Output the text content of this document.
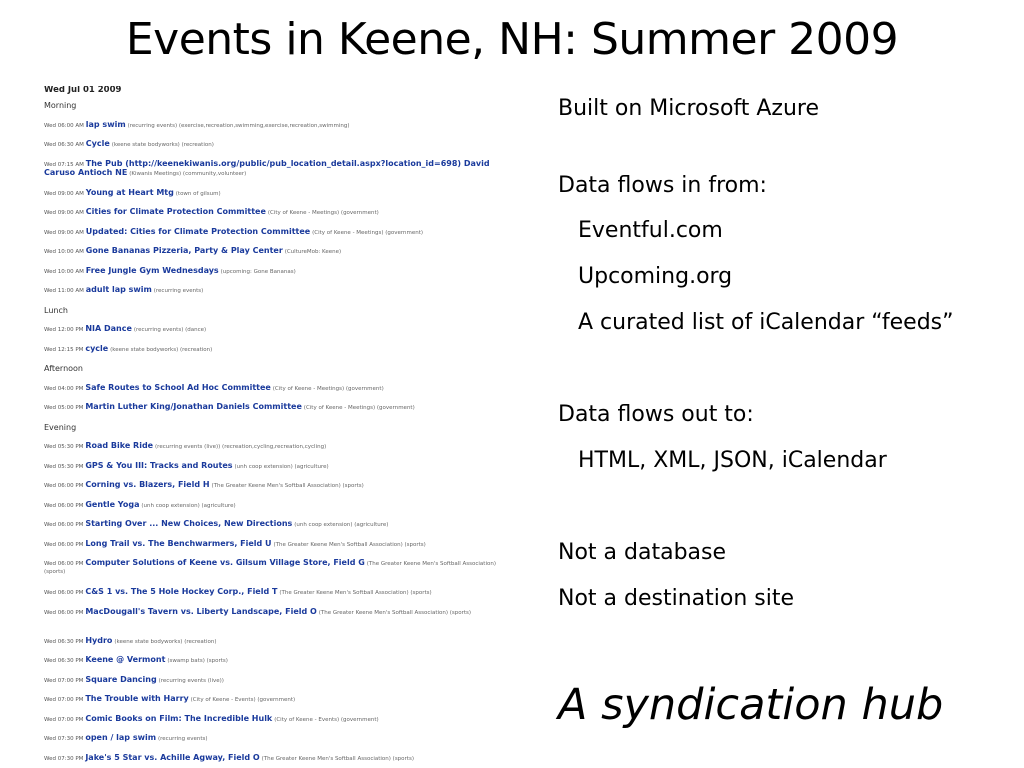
Events in Keene, NH: Summer 2009
Wed Jul 01 2009
Morning
Wed 06:00 AM lap swim (recurring events) (exercise,recreation,swimming,exercise,recreation,swimming)
Wed 06:30 AM Cycle (keene state bodyworks) (recreation)
Wed 07:15 AM The Pub (http://keenekiwanis.org/public/pub_location_detail.aspx?location_id=698) David Caruso Antioch NE (Kiwanis Meetings) (community,volunteer)
Wed 09:00 AM Young at Heart Mtg (town of gilsum)
Wed 09:00 AM Cities for Climate Protection Committee (City of Keene - Meetings) (government)
Wed 09:00 AM Updated: Cities for Climate Protection Committee (City of Keene - Meetings) (government)
Wed 10:00 AM Gone Bananas Pizzeria, Party & Play Center (CultureMob: Keene)
Wed 10:00 AM Free Jungle Gym Wednesdays (upcoming: Gone Bananas)
Wed 11:00 AM adult lap swim (recurring events)
Lunch
Wed 12:00 PM NIA Dance (recurring events) (dance)
Wed 12:15 PM cycle (keene state bodyworks) (recreation)
Afternoon
Wed 04:00 PM Safe Routes to School Ad Hoc Committee (City of Keene - Meetings) (government)
Wed 05:00 PM Martin Luther King/Jonathan Daniels Committee (City of Keene - Meetings) (government)
Evening
Wed 05:30 PM Road Bike Ride (recurring events (live)) (recreation,cycling,recreation,cycling)
Wed 05:30 PM GPS & You III: Tracks and Routes (unh coop extension) (agriculture)
Wed 06:00 PM Corning vs. Blazers, Field H (The Greater Keene Men's Softball Association) (sports)
Wed 06:00 PM Gentle Yoga (unh coop extension) (agriculture)
Wed 06:00 PM Starting Over ... New Choices, New Directions (unh coop extension) (agriculture)
Wed 06:00 PM Long Trail vs. The Benchwarmers, Field U (The Greater Keene Men's Softball Association) (sports)
Wed 06:00 PM Computer Solutions of Keene vs. Gilsum Village Store, Field G (The Greater Keene Men's Softball Association) (sports)
Wed 06:00 PM C&S 1 vs. The 5 Hole Hockey Corp., Field T (The Greater Keene Men's Softball Association) (sports)
Wed 06:00 PM MacDougall's Tavern vs. Liberty Landscape, Field O (The Greater Keene Men's Softball Association) (sports)
Wed 06:30 PM Hydro (keene state bodyworks) (recreation)
Wed 06:30 PM Keene @ Vermont (swamp bats) (sports)
Wed 07:00 PM Square Dancing (recurring events (live))
Wed 07:00 PM The Trouble with Harry (City of Keene - Events) (government)
Wed 07:00 PM Comic Books on Film: The Incredible Hulk (City of Keene - Events) (government)
Wed 07:30 PM open / lap swim (recurring events)
Wed 07:30 PM Jake's 5 Star vs. Achille Agway, Field O (The Greater Keene Men's Softball Association) (sports)
Built on Microsoft Azure
Data flows in from:
Eventful.com
Upcoming.org
A curated list of iCalendar “feeds”
Data flows out to:
HTML, XML, JSON, iCalendar
Not a database
Not a destination site
A syndication hub
